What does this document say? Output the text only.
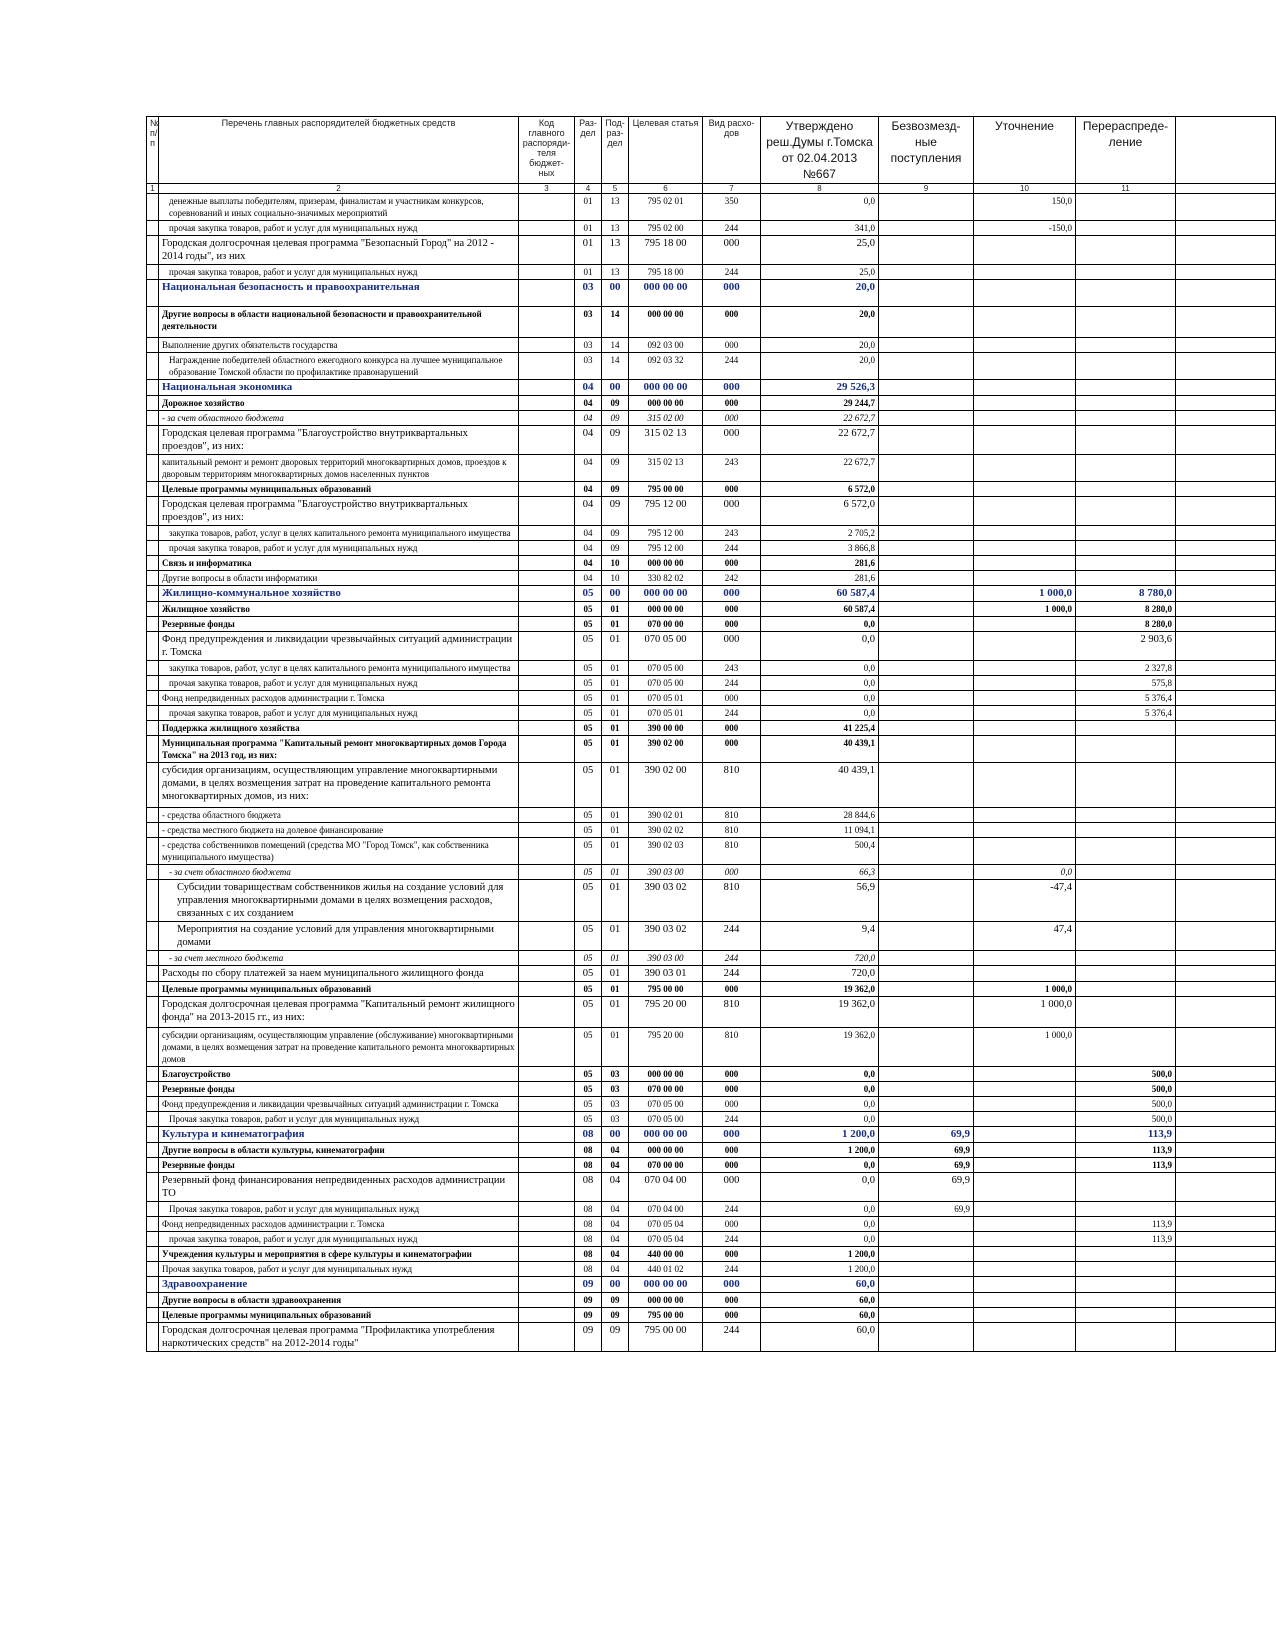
№ п/п	Перечень главных распорядителей бюджетных средств	Код главного распоряди- теля бюджет- ных	Раз- дел	Под- раз- дел	Целевая статья	Вид расхо- дов	Утверждено реш.Думы г.Томска от 02.04.2013 №667	Безвозмезд- ные поступления	Уточнение	Перераспреде- ление	
1	2	3	4	5	6	7	8	9	10	11	
	денежные выплаты победителям, призерам, финалистам и участникам конкурсов, соревнований и иных социально-значимых мероприятий		01	13	795 02 01	350	0,0		150,0		
	прочая закупка товаров, работ и услуг для муниципальных нужд		01	13	795 02 00	244	341,0		-150,0		
	Городская долгосрочная целевая программа "Безопасный Город" на 2012 - 2014 годы", из них		01	13	795 18 00	000	25,0				
	прочая закупка товаров, работ и услуг для муниципальных нужд		01	13	795 18 00	244	25,0				
	Национальная безопасность и правоохранительная		03	00	000 00 00	000	20,0				
	Другие вопросы в области национальной безопасности и правоохранительной деятельности		03	14	000 00 00	000	20,0				
	Выполнение других обязательств государства		03	14	092 03 00	000	20,0				
	Награждение победителей областного ежегодного конкурса на лучшее муниципальное образование Томской области по профилактике правонарушений		03	14	092 03 32	244	20,0				
	Национальная экономика		04	00	000 00 00	000	29 526,3				
	Дорожное хозяйство		04	09	000 00 00	000	29 244,7				
	- за счет областного бюджета		04	09	315 02 00	000	22 672,7				
	Городская целевая программа "Благоустройство внутриквартальных проездов", из них:		04	09	315 02 13	000	22 672,7				
	капитальный ремонт и ремонт дворовых территорий многоквартирных домов, проездов к дворовым территориям многоквартирных домов населенных пунктов		04	09	315 02 13	243	22 672,7				
	Целевые программы муниципальных образований		04	09	795 00 00	000	6 572,0				
	Городская целевая программа "Благоустройство внутриквартальных проездов", из них:		04	09	795 12 00	000	6 572,0				
	закупка товаров, работ, услуг в целях капитального ремонта муниципального имущества		04	09	795 12 00	243	2 705,2				
	прочая закупка товаров, работ и услуг для муниципальных нужд		04	09	795 12 00	244	3 866,8				
	Связь и информатика		04	10	000 00 00	000	281,6				
	Другие вопросы в области информатики		04	10	330 82 02	242	281,6				
	Жилищно-коммунальное хозяйство		05	00	000 00 00	000	60 587,4		1 000,0	8 780,0	
	Жилищное хозяйство		05	01	000 00 00	000	60 587,4		1 000,0	8 280,0	
	Резервные фонды		05	01	070 00 00	000	0,0			8 280,0	
	Фонд предупреждения и ликвидации чрезвычайных ситуаций администрации г. Томска		05	01	070 05 00	000	0,0			2 903,6	
	закупка товаров, работ, услуг в целях капитального ремонта муниципального имущества		05	01	070 05 00	243	0,0			2 327,8	
	прочая закупка товаров, работ и услуг для муниципальных нужд		05	01	070 05 00	244	0,0			575,8	
	Фонд непредвиденных расходов администрации г. Томска		05	01	070 05 01	000	0,0			5 376,4	
	прочая закупка товаров, работ и услуг для муниципальных нужд		05	01	070 05 01	244	0,0			5 376,4	
	Поддержка жилищного хозяйства		05	01	390 00 00	000	41 225,4				
	Муниципальная программа "Капитальный ремонт многоквартирных домов Города Томска" на 2013 год, из них:		05	01	390 02 00	000	40 439,1				
	субсидия организациям, осуществляющим управление многоквартирными домами, в целях возмещения затрат на проведение капитального ремонта многоквартирных домов, из них:		05	01	390 02 00	810	40 439,1				
	- средства областного бюджета		05	01	390 02 01	810	28 844,6				
	- средства местного бюджета на долевое финансирование		05	01	390 02 02	810	11 094,1				
	- средства собственников помещений (средства МО "Город Томск", как собственника муниципального имущества)		05	01	390 02 03	810	500,4				
	- за счет областного бюджета		05	01	390 03 00	000	66,3		0,0		
	Субсидии товариществам собственников жилья на создание условий для управления многоквартирными домами в целях возмещения расходов, связанных с их созданием		05	01	390 03 02	810	56,9		-47,4		
	Мероприятия на создание условий для управления многоквартирными домами		05	01	390 03 02	244	9,4		47,4		
	- за счет местного бюджета		05	01	390 03 00	244	720,0				
	Расходы по сбору платежей за наем муниципального жилищного фонда		05	01	390 03 01	244	720,0				
	Целевые программы муниципальных образований		05	01	795 00 00	000	19 362,0		1 000,0		
	Городская долгосрочная целевая программа "Капитальный ремонт жилищного фонда" на 2013-2015 гг., из них:		05	01	795 20 00	810	19 362,0		1 000,0		
	субсидии организациям, осуществляющим управление (обслуживание) многоквартирными домами, в целях возмещения затрат на проведение капитального ремонта многоквартирных домов		05	01	795 20 00	810	19 362,0		1 000,0		
	Благоустройство		05	03	000 00 00	000	0,0			500,0	
	Резервные фонды		05	03	070 00 00	000	0,0			500,0	
	Фонд предупреждения и ликвидации чрезвычайных ситуаций администрации г. Томска		05	03	070 05 00	000	0,0			500,0	
	Прочая закупка товаров, работ и услуг для муниципальных нужд		05	03	070 05 00	244	0,0			500,0	
	Культура и кинематография		08	00	000 00 00	000	1 200,0	69,9		113,9	
	Другие вопросы в области культуры, кинематографии		08	04	000 00 00	000	1 200,0	69,9		113,9	
	Резервные фонды		08	04	070 00 00	000	0,0	69,9		113,9	
	Резервный фонд финансирования непредвиденных расходов администрации ТО		08	04	070 04 00	000	0,0	69,9			
	Прочая закупка товаров, работ и услуг для муниципальных нужд		08	04	070 04 00	244	0,0	69,9			
	Фонд непредвиденных расходов администрации г. Томска		08	04	070 05 04	000	0,0			113,9	
	прочая закупка товаров, работ и услуг для муниципальных нужд		08	04	070 05 04	244	0,0			113,9	
	Учреждения культуры и мероприятия в сфере культуры и кинематографии		08	04	440 00 00	000	1 200,0				
	Прочая закупка товаров, работ и услуг для муниципальных нужд		08	04	440 01 02	244	1 200,0				
	Здравоохранение		09	00	000 00 00	000	60,0				
	Другие вопросы в области здравоохранения		09	09	000 00 00	000	60,0				
	Целевые программы муниципальных образований		09	09	795 00 00	000	60,0				
	Городская долгосрочная целевая программа "Профилактика употребления наркотических средств" на 2012-2014 годы"		09	09	795 00 00	244	60,0				
